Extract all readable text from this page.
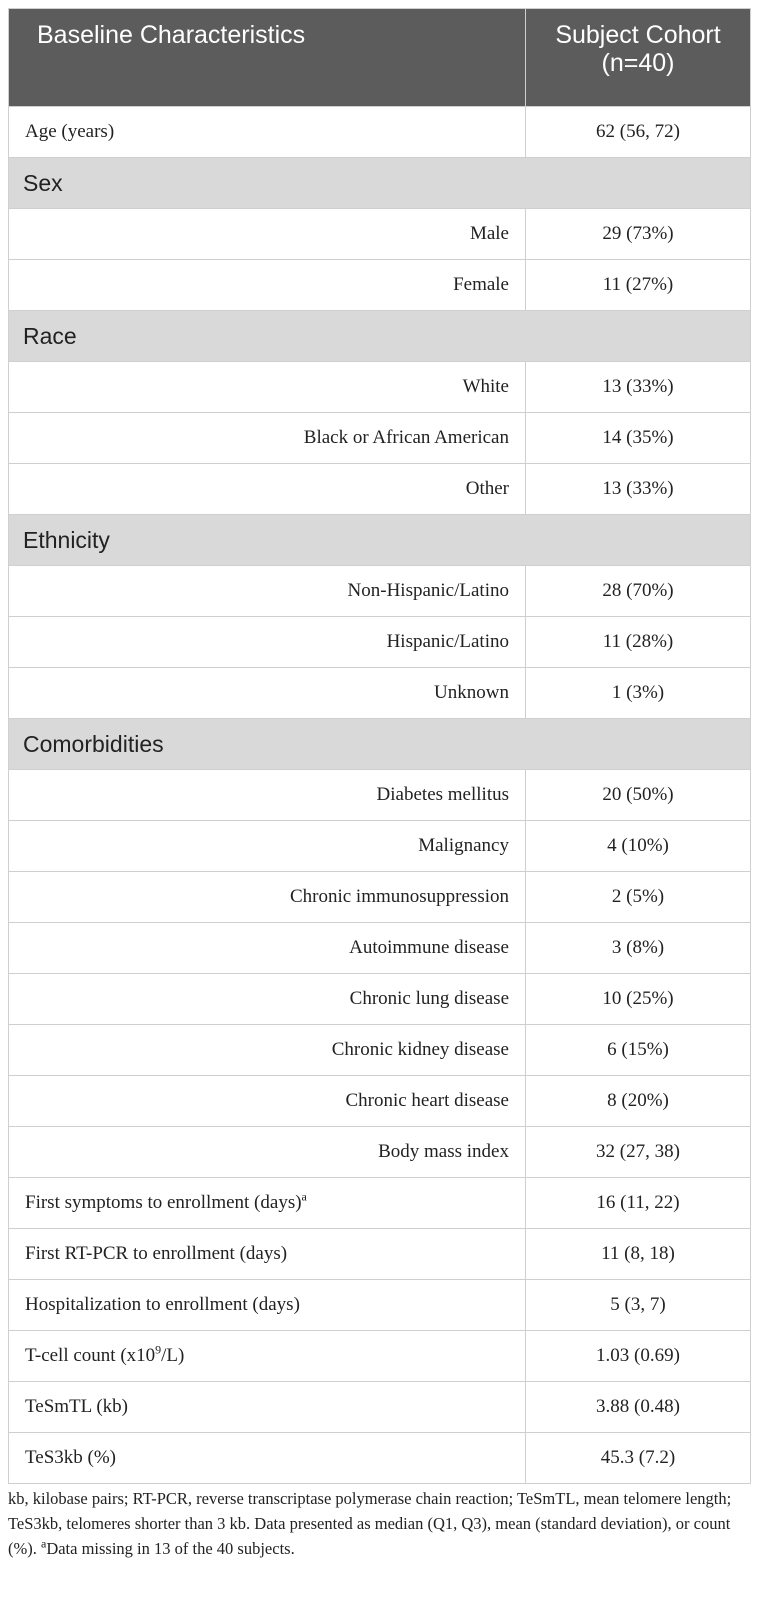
Baseline Characteristics	Subject Cohort
(n=40)
Age (years)	62 (56, 72)
Sex	
Male	29 (73%)
Female	11 (27%)
Race	
White	13 (33%)
Black or African American	14 (35%)
Other	13 (33%)
Ethnicity	
Non-Hispanic/Latino	28 (70%)
Hispanic/Latino	11 (28%)
Unknown	1 (3%)
Comorbidities	
Diabetes mellitus	20 (50%)
Malignancy	4 (10%)
Chronic immunosuppression	2 (5%)
Autoimmune disease	3 (8%)
Chronic lung disease	10 (25%)
Chronic kidney disease	6 (15%)
Chronic heart disease	8 (20%)
Body mass index	32 (27, 38)
First symptoms to enrollment (days)$^a$	16 (11, 22)
First RT-PCR to enrollment (days)	11 (8, 18)
Hospitalization to enrollment (days)	5 (3, 7)
T-cell count $(x10^9/L)$	1.03 (0.69)
TeSmTL (kb)	3.88 (0.48)
TeS3kb (%)	45.3 (7.2)

kb, kilobase pairs; RT-PCR, reverse transcriptase polymerase chain reaction; TeSmTL, mean telomere length; TeS3kb, telomeres shorter than 3 kb. Data presented as median (Q1, Q3), mean (standard deviation), or count (%). $^a$Data missing in 13 of the 40 subjects.
